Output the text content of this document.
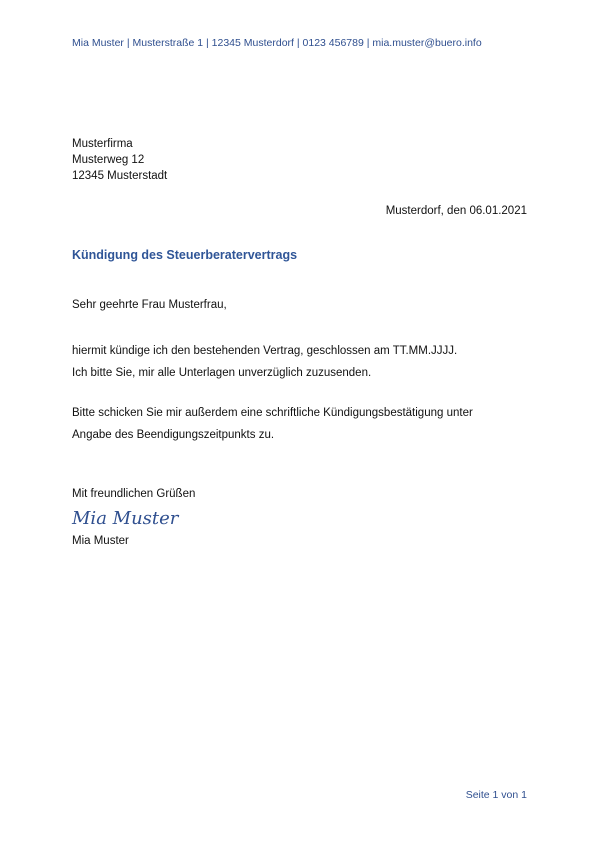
Mia Muster | Musterstraße 1 | 12345 Musterdorf | 0123 456789 | mia.muster@buero.info
Musterfirma
Musterweg 12
12345 Musterstadt
Musterdorf, den 06.01.2021
Kündigung des Steuerberatervertrags
Sehr geehrte Frau Musterfrau,
hiermit kündige ich den bestehenden Vertrag, geschlossen am TT.MM.JJJJ.
Ich bitte Sie, mir alle Unterlagen unverzüglich zuzusenden.
Bitte schicken Sie mir außerdem eine schriftliche Kündigungsbestätigung unter
Angabe des Beendigungszeitpunkts zu.
Mit freundlichen Grüßen
Mia Muster
Mia Muster
Seite 1 von 1
